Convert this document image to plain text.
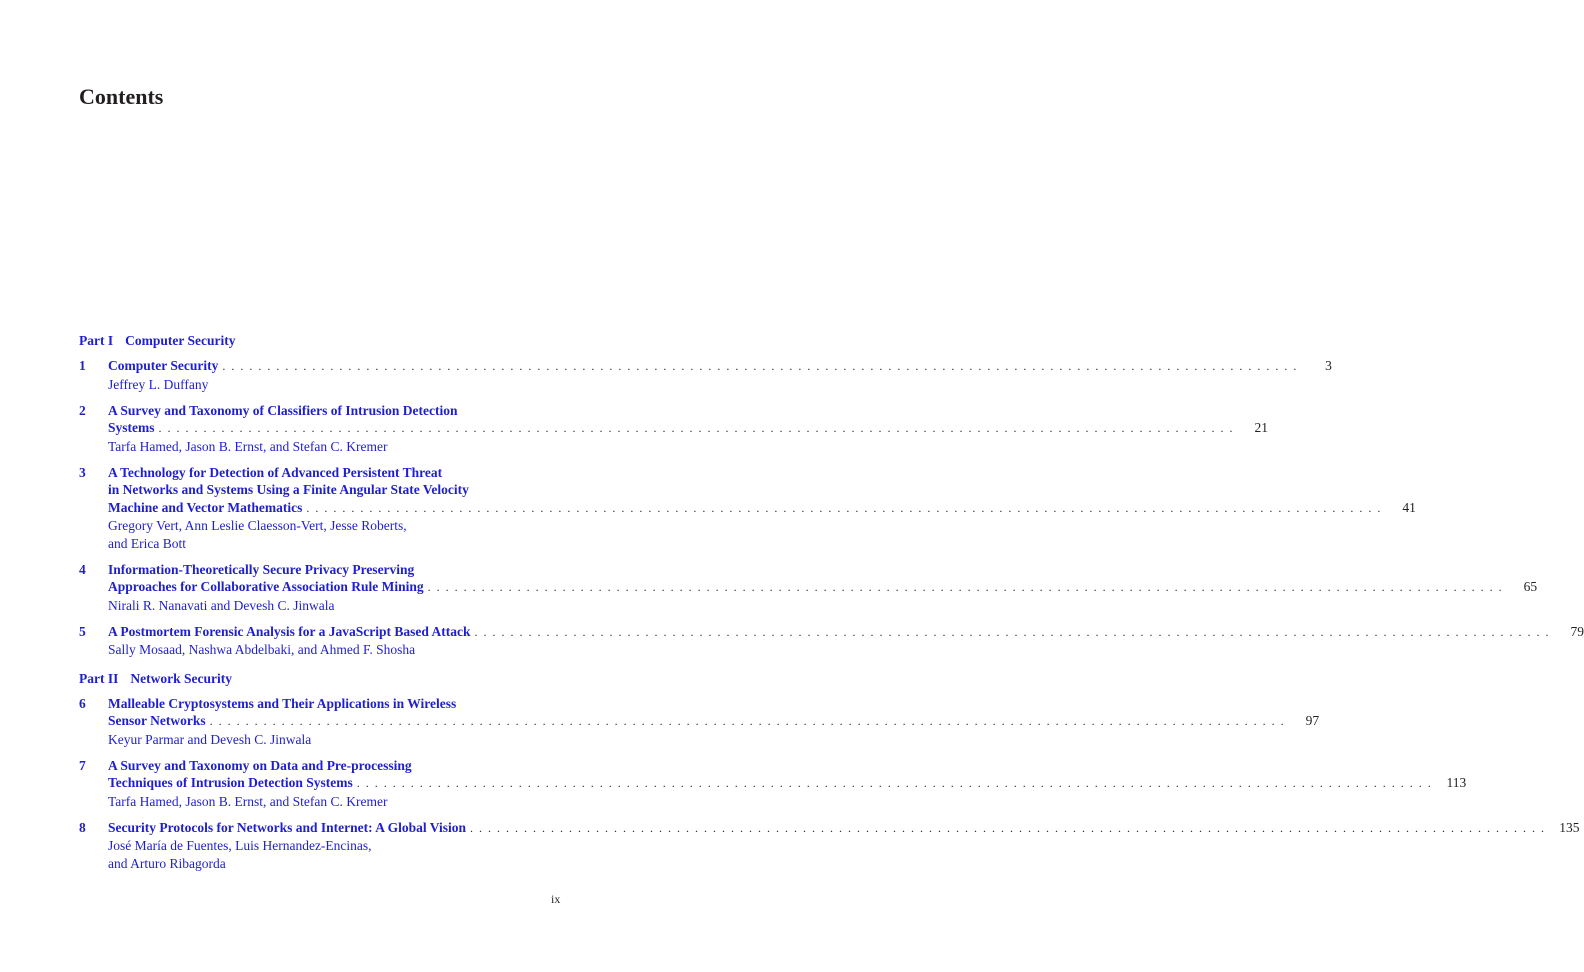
Contents
Part I Computer Security
1	Computer Security . . . . . . . . . . . . . . . . . . . . . . . . . . . . . . . . . . . . . . . . . . . . . . . . . . . . . . . . . . . . . . . . . . . . . . . . . . . . . . . . . . . . . . . . . . . . . . . . . . . . . . . . . . . . . . . . . . . . . . . .	3
Jeffrey L. Duffany
2	A Survey and Taxonomy of Classifiers of Intrusion Detection
Systems . . . . . . . . . . . . . . . . . . . . . . . . . . . . . . . . . . . . . . . . . . . . . . . . . . . . . . . . . . . . . . . . . . . . . . . . . . . . . . . . . . . . . . . . . . . . . . . . . . . . . . . . . . . . . . . . . . . . . . . .	21
Tarfa Hamed, Jason B. Ernst, and Stefan C. Kremer
3	A Technology for Detection of Advanced Persistent Threat
in Networks and Systems Using a Finite Angular State Velocity
Machine and Vector Mathematics . . . . . . . . . . . . . . . . . . . . . . . . . . . . . . . . . . . . . . . . . . . . . . . . . . . . . . . . . . . . . . . . . . . . . . . . . . . . . . . . . . . . . . . . . . . . . . . . . . . . . . . . . . . . . . . . . . . . . . . .	41
Gregory Vert, Ann Leslie Claesson-Vert, Jesse Roberts,
and Erica Bott
4	Information-Theoretically Secure Privacy Preserving
Approaches for Collaborative Association Rule Mining . . . . . . . . . . . . . . . . . . . . . . . . . . . . . . . . . . . . . . . . . . . . . . . . . . . . . . . . . . . . . . . . . . . . . . . . . . . . . . . . . . . . . . . . . . . . . . . . . . . . . . . . . . . . . . . . . . . . . . . .	65
Nirali R. Nanavati and Devesh C. Jinwala
5	A Postmortem Forensic Analysis for a JavaScript Based Attack . . . . . . . . . . . . . . . . . . . . . . . . . . . . . . . . . . . . . . . . . . . . . . . . . . . . . . . . . . . . . . . . . . . . . . . . . . . . . . . . . . . . . . . . . . . . . . . . . . . . . . . . . . . . . . . . . . . . . . . .	79
Sally Mosaad, Nashwa Abdelbaki, and Ahmed F. Shosha
Part II Network Security
6	Malleable Cryptosystems and Their Applications in Wireless
Sensor Networks . . . . . . . . . . . . . . . . . . . . . . . . . . . . . . . . . . . . . . . . . . . . . . . . . . . . . . . . . . . . . . . . . . . . . . . . . . . . . . . . . . . . . . . . . . . . . . . . . . . . . . . . . . . . . . . . . . . . . . . .	97
Keyur Parmar and Devesh C. Jinwala
7	A Survey and Taxonomy on Data and Pre-processing
Techniques of Intrusion Detection Systems . . . . . . . . . . . . . . . . . . . . . . . . . . . . . . . . . . . . . . . . . . . . . . . . . . . . . . . . . . . . . . . . . . . . . . . . . . . . . . . . . . . . . . . . . . . . . . . . . . . . . . . . . . . . . . . . . . . . . . . .	113
Tarfa Hamed, Jason B. Ernst, and Stefan C. Kremer
8	Security Protocols for Networks and Internet: A Global Vision . . . . . . . . . . . . . . . . . . . . . . . . . . . . . . . . . . . . . . . . . . . . . . . . . . . . . . . . . . . . . . . . . . . . . . . . . . . . . . . . . . . . . . . . . . . . . . . . . . . . . . . . . . . . . . . . . . . . . . . .	135
José María de Fuentes, Luis Hernandez-Encinas,
and Arturo Ribagorda
ix
